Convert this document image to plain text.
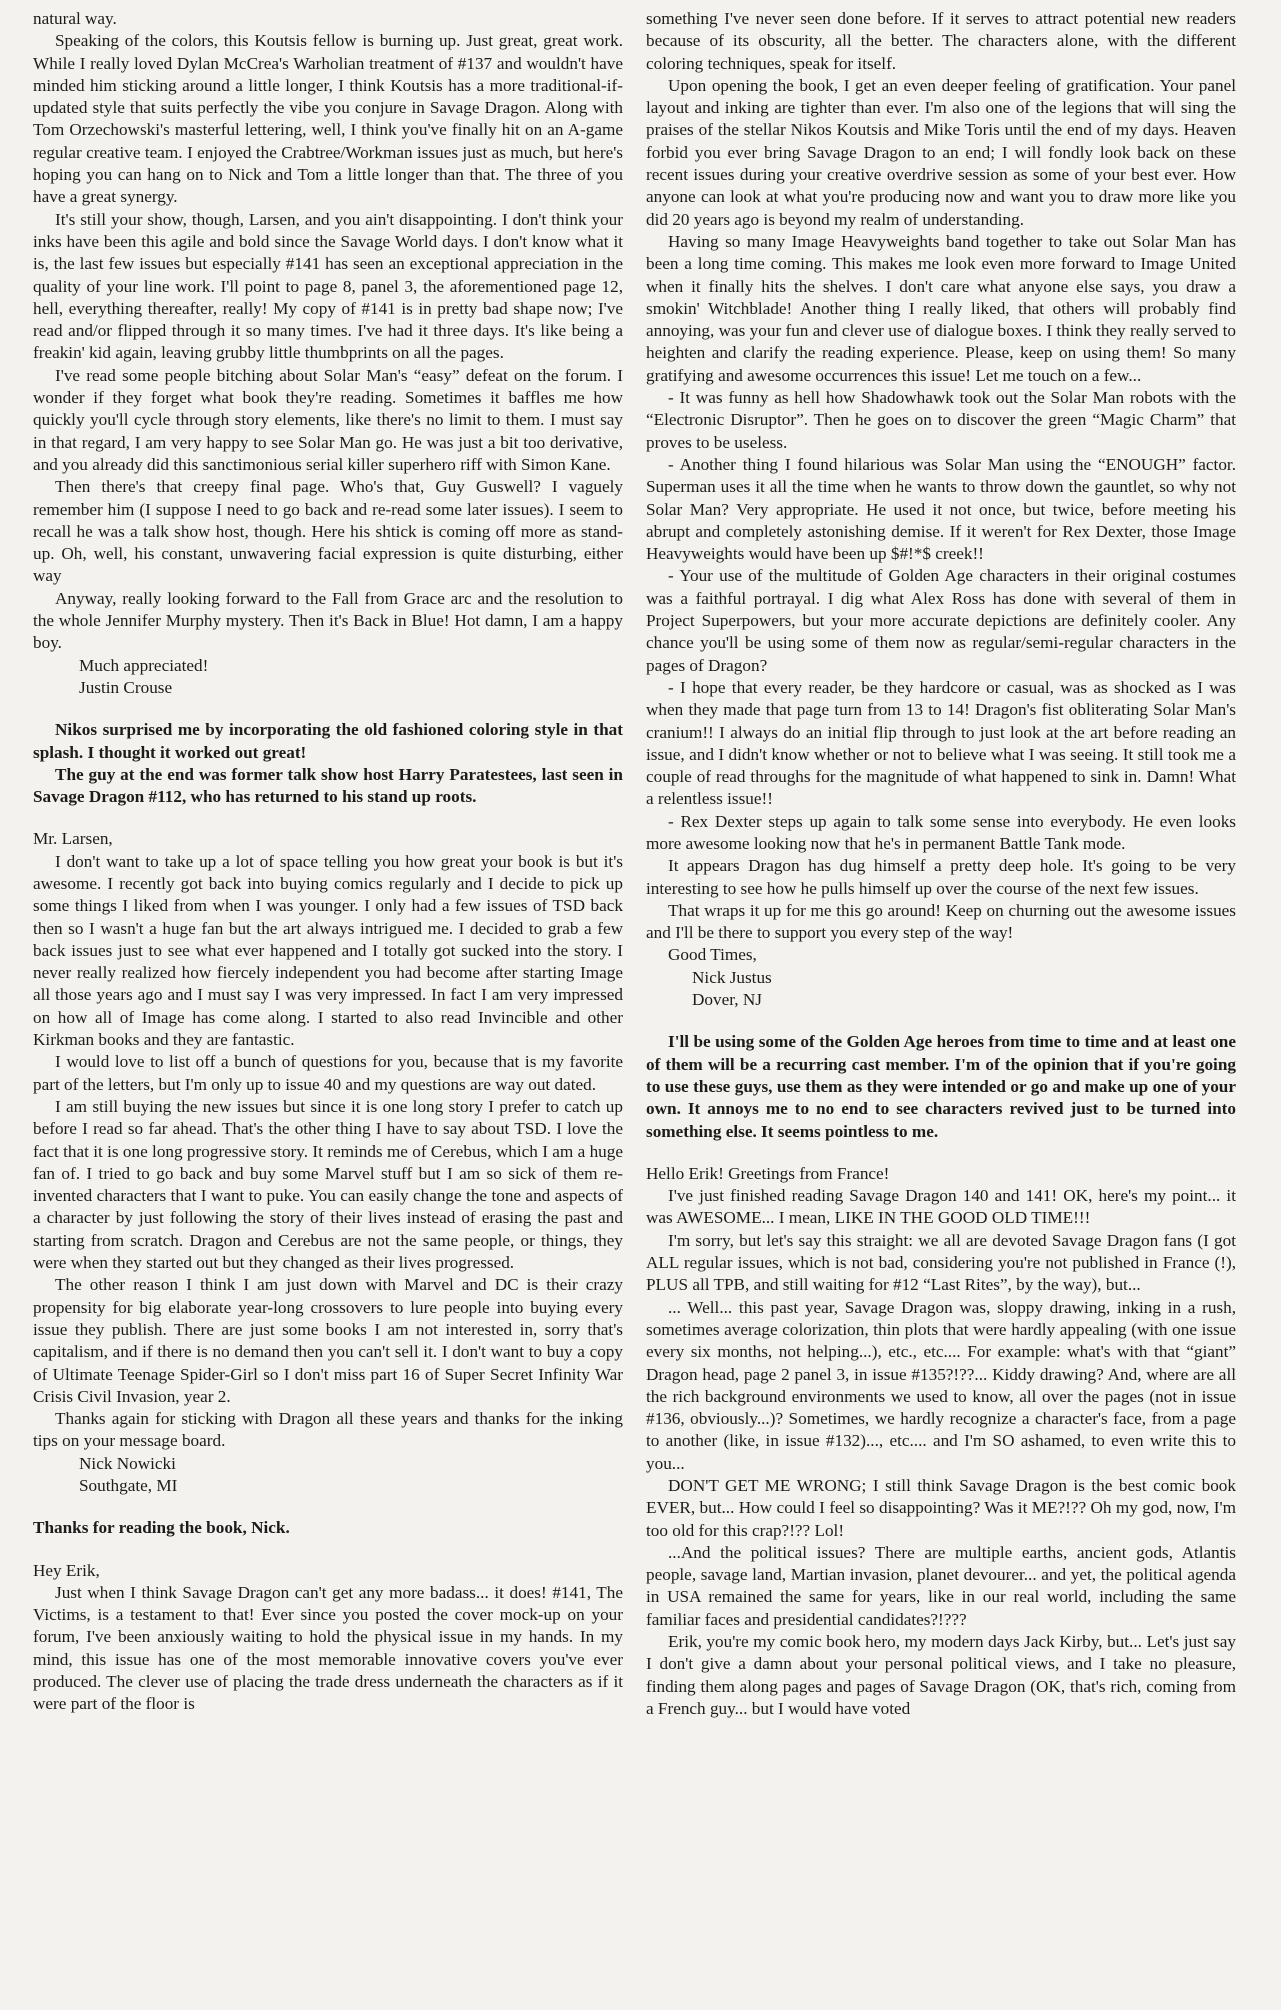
natural way.

Speaking of the colors, this Koutsis fellow is burning up. Just great, great work. While I really loved Dylan McCrea's Warholian treatment of #137 and wouldn't have minded him sticking around a little longer, I think Koutsis has a more traditional-if-updated style that suits perfectly the vibe you conjure in Savage Dragon. Along with Tom Orzechowski's masterful lettering, well, I think you've finally hit on an A-game regular creative team. I enjoyed the Crabtree/Workman issues just as much, but here's hoping you can hang on to Nick and Tom a little longer than that. The three of you have a great synergy.

It's still your show, though, Larsen, and you ain't disappointing. I don't think your inks have been this agile and bold since the Savage World days. I don't know what it is, the last few issues but especially #141 has seen an exceptional appreciation in the quality of your line work. I'll point to page 8, panel 3, the aforementioned page 12, hell, everything thereafter, really! My copy of #141 is in pretty bad shape now; I've read and/or flipped through it so many times. I've had it three days. It's like being a freakin' kid again, leaving grubby little thumbprints on all the pages.

I've read some people bitching about Solar Man's “easy” defeat on the forum. I wonder if they forget what book they're reading. Sometimes it baffles me how quickly you'll cycle through story elements, like there's no limit to them. I must say in that regard, I am very happy to see Solar Man go. He was just a bit too derivative, and you already did this sanctimonious serial killer superhero riff with Simon Kane.

Then there's that creepy final page. Who's that, Guy Guswell? I vaguely remember him (I suppose I need to go back and re-read some later issues). I seem to recall he was a talk show host, though. Here his shtick is coming off more as stand-up. Oh, well, his constant, unwavering facial expression is quite disturbing, either way

Anyway, really looking forward to the Fall from Grace arc and the resolution to the whole Jennifer Murphy mystery. Then it's Back in Blue! Hot damn, I am a happy boy.

Much appreciated!

Justin Crouse

Nikos surprised me by incorporating the old fashioned coloring style in that splash. I thought it worked out great!

The guy at the end was former talk show host Harry Paratestees, last seen in Savage Dragon #112, who has returned to his stand up roots.

Mr. Larsen,

I don't want to take up a lot of space telling you how great your book is but it's awesome. I recently got back into buying comics regularly and I decide to pick up some things I liked from when I was younger. I only had a few issues of TSD back then so I wasn't a huge fan but the art always intrigued me. I decided to grab a few back issues just to see what ever happened and I totally got sucked into the story. I never really realized how fiercely independent you had become after starting Image all those years ago and I must say I was very impressed. In fact I am very impressed on how all of Image has come along. I started to also read Invincible and other Kirkman books and they are fantastic.

I would love to list off a bunch of questions for you, because that is my favorite part of the letters, but I'm only up to issue 40 and my questions are way out dated.

I am still buying the new issues but since it is one long story I prefer to catch up before I read so far ahead. That's the other thing I have to say about TSD. I love the fact that it is one long progressive story. It reminds me of Cerebus, which I am a huge fan of. I tried to go back and buy some Marvel stuff but I am so sick of them re-invented characters that I want to puke. You can easily change the tone and aspects of a character by just following the story of their lives instead of erasing the past and starting from scratch. Dragon and Cerebus are not the same people, or things, they were when they started out but they changed as their lives progressed.

The other reason I think I am just down with Marvel and DC is their crazy propensity for big elaborate year-long crossovers to lure people into buying every issue they publish. There are just some books I am not interested in, sorry that's capitalism, and if there is no demand then you can't sell it. I don't want to buy a copy of Ultimate Teenage Spider-Girl so I don't miss part 16 of Super Secret Infinity War Crisis Civil Invasion, year 2.

Thanks again for sticking with Dragon all these years and thanks for the inking tips on your message board.

Nick Nowicki

Southgate, MI

Thanks for reading the book, Nick.

Hey Erik,

Just when I think Savage Dragon can't get any more badass... it does! #141, The Victims, is a testament to that! Ever since you posted the cover mock-up on your forum, I've been anxiously waiting to hold the physical issue in my hands. In my mind, this issue has one of the most memorable innovative covers you've ever produced. The clever use of placing the trade dress underneath the characters as if it were part of the floor is

something I've never seen done before. If it serves to attract potential new readers because of its obscurity, all the better. The characters alone, with the different coloring techniques, speak for itself.

Upon opening the book, I get an even deeper feeling of gratification. Your panel layout and inking are tighter than ever. I'm also one of the legions that will sing the praises of the stellar Nikos Koutsis and Mike Toris until the end of my days. Heaven forbid you ever bring Savage Dragon to an end; I will fondly look back on these recent issues during your creative overdrive session as some of your best ever. How anyone can look at what you're producing now and want you to draw more like you did 20 years ago is beyond my realm of understanding.

Having so many Image Heavyweights band together to take out Solar Man has been a long time coming. This makes me look even more forward to Image United when it finally hits the shelves. I don't care what anyone else says, you draw a smokin' Witchblade! Another thing I really liked, that others will probably find annoying, was your fun and clever use of dialogue boxes. I think they really served to heighten and clarify the reading experience. Please, keep on using them! So many gratifying and awesome occurrences this issue! Let me touch on a few...

- It was funny as hell how Shadowhawk took out the Solar Man robots with the “Electronic Disruptor”. Then he goes on to discover the green “Magic Charm” that proves to be useless.

- Another thing I found hilarious was Solar Man using the “ENOUGH” factor. Superman uses it all the time when he wants to throw down the gauntlet, so why not Solar Man? Very appropriate. He used it not once, but twice, before meeting his abrupt and completely astonishing demise. If it weren't for Rex Dexter, those Image Heavyweights would have been up $#!*$ creek!!

- Your use of the multitude of Golden Age characters in their original costumes was a faithful portrayal. I dig what Alex Ross has done with several of them in Project Superpowers, but your more accurate depictions are definitely cooler. Any chance you'll be using some of them now as regular/semi-regular characters in the pages of Dragon?

- I hope that every reader, be they hardcore or casual, was as shocked as I was when they made that page turn from 13 to 14! Dragon's fist obliterating Solar Man's cranium!! I always do an initial flip through to just look at the art before reading an issue, and I didn't know whether or not to believe what I was seeing. It still took me a couple of read throughs for the magnitude of what happened to sink in. Damn! What a relentless issue!!

- Rex Dexter steps up again to talk some sense into everybody. He even looks more awesome looking now that he's in permanent Battle Tank mode.

It appears Dragon has dug himself a pretty deep hole. It's going to be very interesting to see how he pulls himself up over the course of the next few issues.

That wraps it up for me this go around! Keep on churning out the awesome issues and I'll be there to support you every step of the way!

Good Times,

Nick Justus

Dover, NJ

I'll be using some of the Golden Age heroes from time to time and at least one of them will be a recurring cast member. I'm of the opinion that if you're going to use these guys, use them as they were intended or go and make up one of your own. It annoys me to no end to see characters revived just to be turned into something else. It seems pointless to me.

Hello Erik! Greetings from France!

I've just finished reading Savage Dragon 140 and 141! OK, here's my point... it was AWESOME... I mean, LIKE IN THE GOOD OLD TIME!!!

I'm sorry, but let's say this straight: we all are devoted Savage Dragon fans (I got ALL regular issues, which is not bad, considering you're not published in France (!), PLUS all TPB, and still waiting for #12 “Last Rites”, by the way), but...

... Well... this past year, Savage Dragon was, sloppy drawing, inking in a rush, sometimes average colorization, thin plots that were hardly appealing (with one issue every six months, not helping...), etc., etc.... For example: what's with that “giant” Dragon head, page 2 panel 3, in issue #135?!??... Kiddy drawing? And, where are all the rich background environments we used to know, all over the pages (not in issue #136, obviously...)? Sometimes, we hardly recognize a character's face, from a page to another (like, in issue #132)..., etc.... and I'm SO ashamed, to even write this to you...

DON'T GET ME WRONG; I still think Savage Dragon is the best comic book EVER, but... How could I feel so disappointing? Was it ME?!?? Oh my god, now, I'm too old for this crap?!?? Lol!

...And the political issues? There are multiple earths, ancient gods, Atlantis people, savage land, Martian invasion, planet devourer... and yet, the political agenda in USA remained the same for years, like in our real world, including the same familiar faces and presidential candidates?!???

Erik, you're my comic book hero, my modern days Jack Kirby, but... Let's just say I don't give a damn about your personal political views, and I take no pleasure, finding them along pages and pages of Savage Dragon (OK, that's rich, coming from a French guy... but I would have voted
